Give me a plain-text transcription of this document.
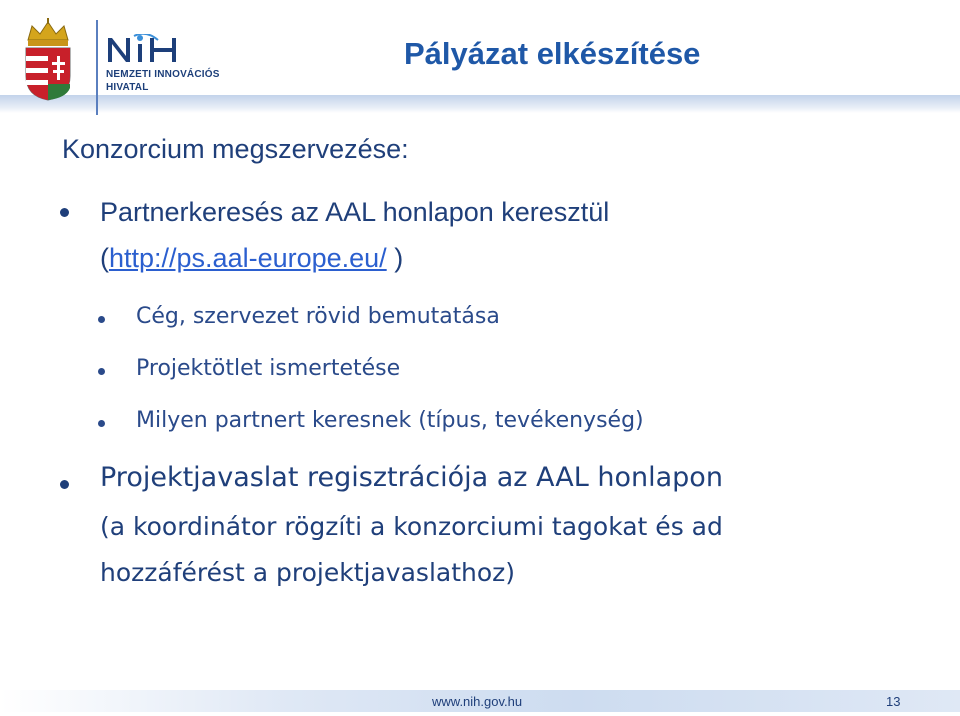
NEMZETI INNOVÁCIÓS
HIVATAL
Pályázat elkészítése
Konzorcium megszervezése:
Partnerkeresés az AAL honlapon keresztül
(http://ps.aal-europe.eu/ )
Cég, szervezet rövid bemutatása
Projektötlet ismertetése
Milyen partnert keresnek (típus, tevékenység)
Projektjavaslat regisztrációja az AAL honlapon
(a koordinátor rögzíti a konzorciumi tagokat és ad
hozzáférést a projektjavaslathoz)
www.nih.gov.hu	13
